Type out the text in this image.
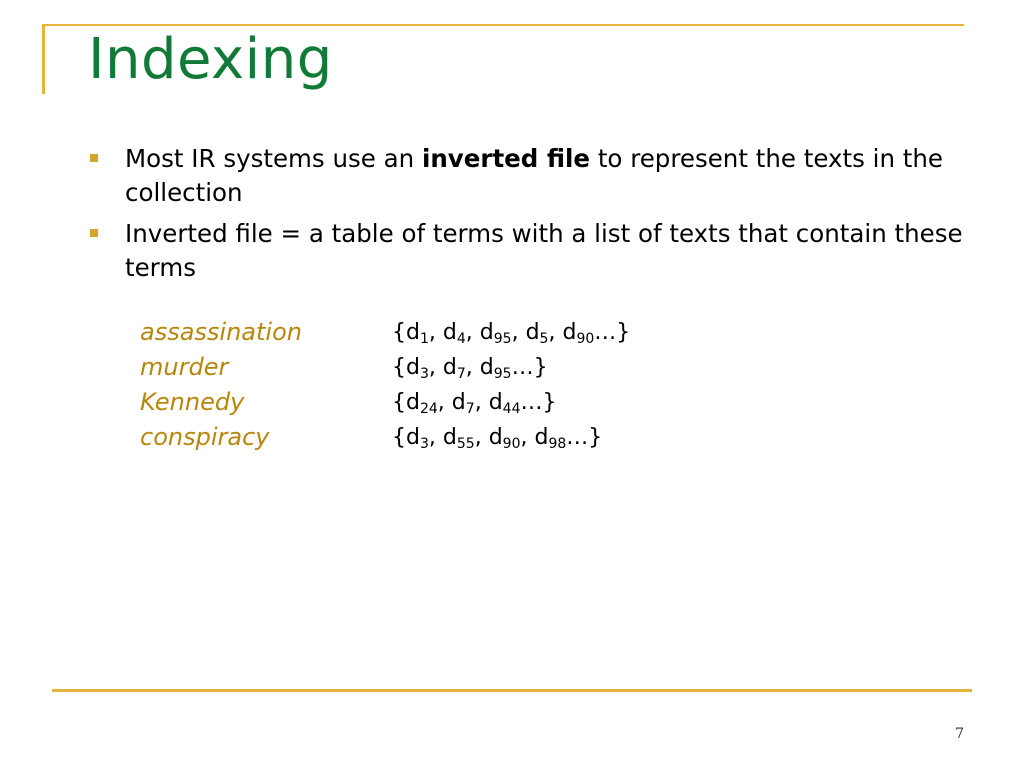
Indexing
Most IR systems use an inverted file to represent the texts in the collection
Inverted file = a table of terms with a list of texts that contain these terms
assassination	{$d_1$, $d_4$, $d_{95}$, $d_5$, $d_{90}\dots$}
murder	{$d_3$, $d_7$, $d_{95}\dots$}
Kennedy	{$d_{24}$, $d_7$, $d_{44}\dots$}
conspiracy	{$d_3$, $d_{55}$, $d_{90}$, $d_{98}\dots$}
7
